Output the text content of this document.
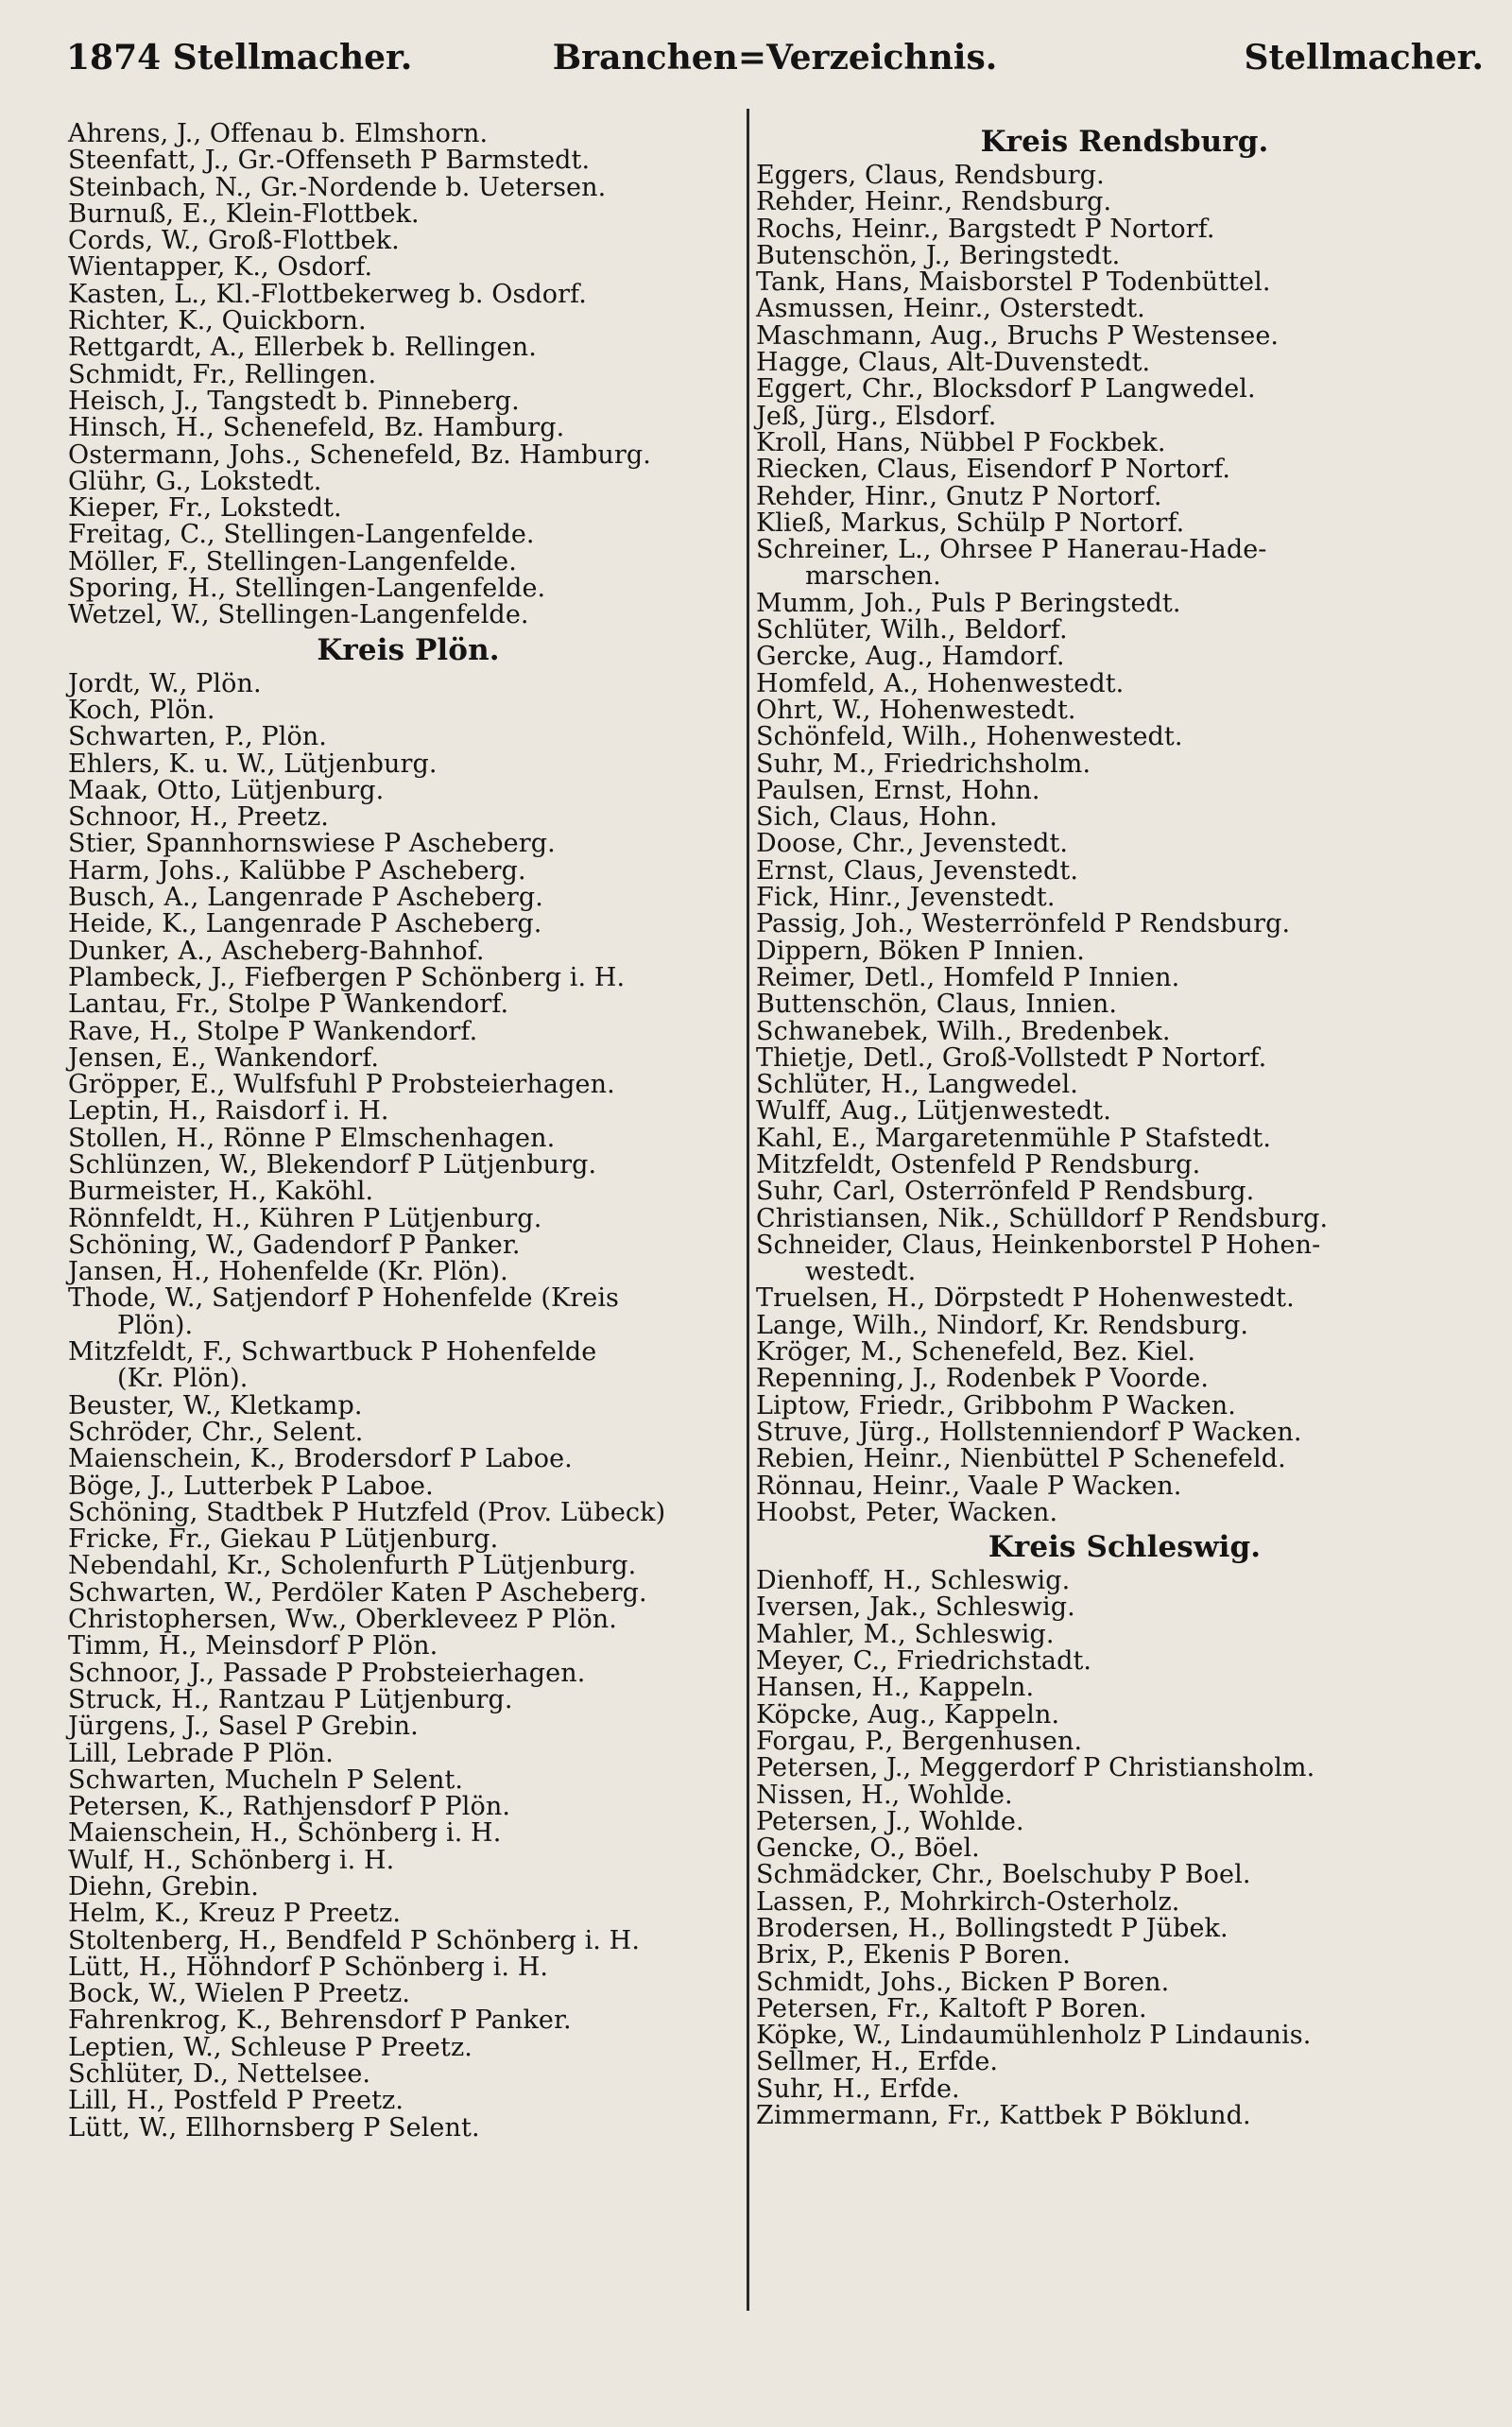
1874 Stellmacher.	Branchen=Verzeichnis.	Stellmacher.
Ahrens, J., Offenau b. Elmshorn.
Steenfatt, J., Gr.-Offenseth P Barmstedt.
Steinbach, N., Gr.-Nordende b. Uetersen.
Burnuß, E., Klein-Flottbek.
Cords, W., Groß-Flottbek.
Wientapper, K., Osdorf.
Kasten, L., Kl.-Flottbekerweg b. Osdorf.
Richter, K., Quickborn.
Rettgardt, A., Ellerbek b. Rellingen.
Schmidt, Fr., Rellingen.
Heisch, J., Tangstedt b. Pinneberg.
Hinsch, H., Schenefeld, Bz. Hamburg.
Ostermann, Johs., Schenefeld, Bz. Hamburg.
Glühr, G., Lokstedt.
Kieper, Fr., Lokstedt.
Freitag, C., Stellingen-Langenfelde.
Möller, F., Stellingen-Langenfelde.
Sporing, H., Stellingen-Langenfelde.
Wetzel, W., Stellingen-Langenfelde.
Kreis Plön.
Jordt, W., Plön.
Koch, Plön.
Schwarten, P., Plön.
Ehlers, K. u. W., Lütjenburg.
Maak, Otto, Lütjenburg.
Schnoor, H., Preetz.
Stier, Spannhornswiese P Ascheberg.
Harm, Johs., Kalübbe P Ascheberg.
Busch, A., Langenrade P Ascheberg.
Heide, K., Langenrade P Ascheberg.
Dunker, A., Ascheberg-Bahnhof.
Plambeck, J., Fiefbergen P Schönberg i. H.
Lantau, Fr., Stolpe P Wankendorf.
Rave, H., Stolpe P Wankendorf.
Jensen, E., Wankendorf.
Gröpper, E., Wulfsfuhl P Probsteierhagen.
Leptin, H., Raisdorf i. H.
Stollen, H., Rönne P Elmschenhagen.
Schlünzen, W., Blekendorf P Lütjenburg.
Burmeister, H., Kaköhl.
Rönnfeldt, H., Kühren P Lütjenburg.
Schöning, W., Gadendorf P Panker.
Jansen, H., Hohenfelde (Kr. Plön).
Thode, W., Satjendorf P Hohenfelde (Kreis
Plön).
Mitzfeldt, F., Schwartbuck P Hohenfelde
(Kr. Plön).
Beuster, W., Kletkamp.
Schröder, Chr., Selent.
Maienschein, K., Brodersdorf P Laboe.
Böge, J., Lutterbek P Laboe.
Schöning, Stadtbek P Hutzfeld (Prov. Lübeck)
Fricke, Fr., Giekau P Lütjenburg.
Nebendahl, Kr., Scholenfurth P Lütjenburg.
Schwarten, W., Perdöler Katen P Ascheberg.
Christophersen, Ww., Oberkleveez P Plön.
Timm, H., Meinsdorf P Plön.
Schnoor, J., Passade P Probsteierhagen.
Struck, H., Rantzau P Lütjenburg.
Jürgens, J., Sasel P Grebin.
Lill, Lebrade P Plön.
Schwarten, Mucheln P Selent.
Petersen, K., Rathjensdorf P Plön.
Maienschein, H., Schönberg i. H.
Wulf, H., Schönberg i. H.
Diehn, Grebin.
Helm, K., Kreuz P Preetz.
Stoltenberg, H., Bendfeld P Schönberg i. H.
Lütt, H., Höhndorf P Schönberg i. H.
Bock, W., Wielen P Preetz.
Fahrenkrog, K., Behrensdorf P Panker.
Leptien, W., Schleuse P Preetz.
Schlüter, D., Nettelsee.
Lill, H., Postfeld P Preetz.
Lütt, W., Ellhornsberg P Selent.
Kreis Rendsburg.
Eggers, Claus, Rendsburg.
Rehder, Heinr., Rendsburg.
Rochs, Heinr., Bargstedt P Nortorf.
Butenschön, J., Beringstedt.
Tank, Hans, Maisborstel P Todenbüttel.
Asmussen, Heinr., Osterstedt.
Maschmann, Aug., Bruchs P Westensee.
Hagge, Claus, Alt-Duvenstedt.
Eggert, Chr., Blocksdorf P Langwedel.
Jeß, Jürg., Elsdorf.
Kroll, Hans, Nübbel P Fockbek.
Riecken, Claus, Eisendorf P Nortorf.
Rehder, Hinr., Gnutz P Nortorf.
Kließ, Markus, Schülp P Nortorf.
Schreiner, L., Ohrsee P Hanerau-Hade-
marschen.
Mumm, Joh., Puls P Beringstedt.
Schlüter, Wilh., Beldorf.
Gercke, Aug., Hamdorf.
Homfeld, A., Hohenwestedt.
Ohrt, W., Hohenwestedt.
Schönfeld, Wilh., Hohenwestedt.
Suhr, M., Friedrichsholm.
Paulsen, Ernst, Hohn.
Sich, Claus, Hohn.
Doose, Chr., Jevenstedt.
Ernst, Claus, Jevenstedt.
Fick, Hinr., Jevenstedt.
Passig, Joh., Westerrönfeld P Rendsburg.
Dippern, Böken P Innien.
Reimer, Detl., Homfeld P Innien.
Buttenschön, Claus, Innien.
Schwanebek, Wilh., Bredenbek.
Thietje, Detl., Groß-Vollstedt P Nortorf.
Schlüter, H., Langwedel.
Wulff, Aug., Lütjenwestedt.
Kahl, E., Margaretenmühle P Stafstedt.
Mitzfeldt, Ostenfeld P Rendsburg.
Suhr, Carl, Osterrönfeld P Rendsburg.
Christiansen, Nik., Schülldorf P Rendsburg.
Schneider, Claus, Heinkenborstel P Hohen-
westedt.
Truelsen, H., Dörpstedt P Hohenwestedt.
Lange, Wilh., Nindorf, Kr. Rendsburg.
Kröger, M., Schenefeld, Bez. Kiel.
Repenning, J., Rodenbek P Voorde.
Liptow, Friedr., Gribbohm P Wacken.
Struve, Jürg., Hollstenniendorf P Wacken.
Rebien, Heinr., Nienbüttel P Schenefeld.
Rönnau, Heinr., Vaale P Wacken.
Hoobst, Peter, Wacken.
Kreis Schleswig.
Dienhoff, H., Schleswig.
Iversen, Jak., Schleswig.
Mahler, M., Schleswig.
Meyer, C., Friedrichstadt.
Hansen, H., Kappeln.
Köpcke, Aug., Kappeln.
Forgau, P., Bergenhusen.
Petersen, J., Meggerdorf P Christiansholm.
Nissen, H., Wohlde.
Petersen, J., Wohlde.
Gencke, O., Böel.
Schmädcker, Chr., Boelschuby P Boel.
Lassen, P., Mohrkirch-Osterholz.
Brodersen, H., Bollingstedt P Jübek.
Brix, P., Ekenis P Boren.
Schmidt, Johs., Bicken P Boren.
Petersen, Fr., Kaltoft P Boren.
Köpke, W., Lindaumühlenholz P Lindaunis.
Sellmer, H., Erfde.
Suhr, H., Erfde.
Zimmermann, Fr., Kattbek P Böklund.
